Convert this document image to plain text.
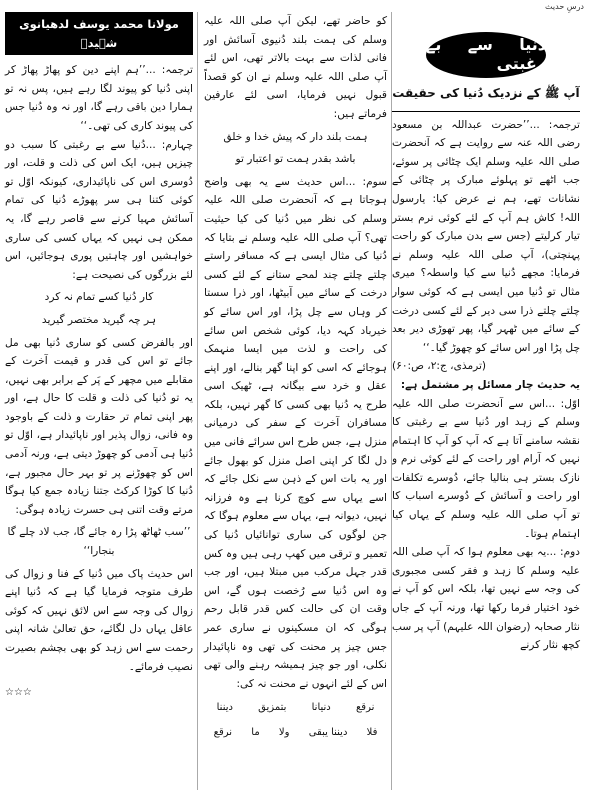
درسِ حدیث
دنیا سے بے رغبتی
آپ ﷺ کے نزدیک دُنیا کی حقیقت

ترجمہ: ...’’حضرت عبداللہ بن مسعود رضی اللہ عنہ سے روایت ہے کہ آنحضرت صلی اللہ علیہ وسلم ایک چٹائی پر سوئے، جب اٹھے تو پہلوئے مبارک پر چٹائی کے نشانات تھے، ہم نے عرض کیا: یارسول اللہ! کاش ہم آپ کے لئے کوئی نرم بستر تیار کرلیتے (جس سے بدن مبارک کو راحت پہنچتی)، آپ صلی اللہ علیہ وسلم نے فرمایا: مجھے دُنیا سے کیا واسطہ؟ میری مثال تو دُنیا میں ایسی ہے کہ کوئی سوار چلتے چلتے ذرا سی دیر کے لئے کسی درخت کے سائے میں ٹھہر گیا، پھر تھوڑی دیر بعد چل پڑا اور اس سائے کو چھوڑ گیا۔‘‘

(ترمذی، ج:۲، ص:۶۰)

یہ حدیث چار مسائل پر مشتمل ہے:

اوّل: ...اس سے آنحضرت صلی اللہ علیہ وسلم کے زہد اور دُنیا سے بے رغبتی کا نقشہ سامنے آتا ہے کہ آپ کو آپ کا اہتمام نہیں کہ آرام اور راحت کے لئے کوئی نرم و نازک بستر ہی بنالیا جائے، دُوسرے تکلفات اور راحت و آسائش کے دُوسرے اسباب کا تو آپ صلی اللہ علیہ وسلم کے یہاں کیا اہتمام ہوتا۔

دوم: ...یہ بھی معلوم ہوا کہ آپ صلی اللہ علیہ وسلم کا زہد و فقر کسی مجبوری کی وجہ سے نہیں تھا، بلکہ اس کو آپ نے خود اختیار فرما رکھا تھا، ورنہ آپ کے جاں نثار صحابہ (رضوان اللہ علیہم) آپ پر سب کچھ نثار کرنے

کو حاضر تھے، لیکن آپ صلی اللہ علیہ وسلم کی ہمت بلند دُنیوی آسائش اور فانی لذات سے بہت بالاتر تھی، اس لئے آپ صلی اللہ علیہ وسلم نے ان کو قصداً قبول نہیں فرمایا، اسی لئے عارفین فرماتے ہیں:

ہمت بلند دار کہ پیش خدا و خلق
باشد بقدر ہمت تو اعتبار تو

سوم: ...اس حدیث سے یہ بھی واضح ہوجاتا ہے کہ آنحضرت صلی اللہ علیہ وسلم کی نظر میں دُنیا کی کیا حیثیت تھی؟ آپ صلی اللہ علیہ وسلم نے بتایا کہ دُنیا کی مثال ایسی ہے کہ مسافر راستے چلتے چلتے چند لمحے ستانے کے لئے کسی درخت کے سائے میں آبیٹھا، اور ذرا سستا کر وہاں سے چل پڑا، اور اس سائے کو خیرباد کہہ دیا، کوئی شخص اس سائے کی راحت و لذت میں ایسا منہمک ہوجائے کہ اسی کو اپنا گھر بنالے، اور اپنے عقل و خرد سے بیگانہ ہے، ٹھیک اسی طرح یہ دُنیا بھی کسی کا گھر نہیں، بلکہ مسافران آخرت کے سفر کی درمیانی منزل ہے، جس طرح اس سرائے فانی میں دل لگا کر اپنی اصل منزل کو بھول جائے اور یہ بات اس کے ذہن سے نکل جائے کہ اسے یہاں سے کوچ کرنا ہے وہ فرزانہ نہیں، دیوانہ ہے، یہاں سے معلوم ہوگا کہ جن لوگوں کی ساری توانائیاں دُنیا کی تعمیر و ترقی میں کھپ رہی ہیں وہ کس قدر جہل مرکب میں مبتلا ہیں، اور جب وہ اس دُنیا سے رُخصت ہوں گے، اس وقت ان کی حالت کس قدر قابل رحم ہوگی کہ ان مسکینوں نے ساری عمر جس چیز پر محنت کی تھی وہ ناپائیدار نکلی، اور جو چیز ہمیشہ رہنے والی تھی اس کے لئے انہوں نے محنت نہ کی:

نرقع
دنیانا
بتمزیق
دیننا
فلا
دیننا یبقی
ولا
ما
نرقع
مولانا محمد یوسف لدھیانوی شہیدؒ

ترجمہ: ...’’ہم اپنے دین کو پھاڑ پھاڑ کر اپنی دُنیا کو پیوند لگا رہے ہیں، پس نہ تو ہمارا دین باقی رہے گا، اور نہ وہ دُنیا جس کی پیوند کاری کی تھی۔‘‘

چہارم: ...دُنیا سے بے رغبتی کا سبب دو چیزیں ہیں، ایک اس کی ذلت و قلت، اور دُوسری اس کی ناپائیداری، کیونکہ اوّل تو کوئی کتنا ہی سر پھوڑے دُنیا کی تمام آسائش مہیا کرنے سے قاصر رہے گا، یہ ممکن ہی نہیں کہ یہاں کسی کی ساری خواہشیں اور چاہتیں پوری ہوجائیں، اس لئے بزرگوں کی نصیحت ہے:

کار دُنیا کسے تمام نہ کرد
ہر چہ گیرید مختصر گیرید

اور بالفرض کسی کو ساری دُنیا بھی مل جائے تو اس کی قدر و قیمت آخرت کے مقابلے میں مچھر کے پَر کے برابر بھی نہیں، یہ تو دُنیا کی ذلت و قلت کا حال ہے، اور پھر اپنی تمام تر حقارت و ذلت کے باوجود وہ فانی، زوال پذیر اور ناپائیدار ہے، اوّل تو دُنیا ہی آدمی کو چھوڑ دیتی ہے، ورنہ آدمی اس کو چھوڑنے پر تو بہر حال مجبور ہے، دُنیا کا کوڑا کرکٹ جتنا زیادہ جمع کیا ہوگا مرتے وقت اتنی ہی حسرت زیادہ ہوگی:

’’سب ٹھاٹھ پڑا رہ جائے گا، جب لاد چلے گا بنجارا‘‘

اس حدیث پاک میں دُنیا کے فنا و زوال کی طرف متوجہ فرمایا گیا ہے کہ دُنیا اپنے زوال کی وجہ سے اس لائق نہیں کہ کوئی عاقل یہاں دل لگائے، حق تعالیٰ شانہ اپنی رحمت سے اس زہد کو بھی بچشم بصیرت نصیب فرمائے۔

☆☆☆
